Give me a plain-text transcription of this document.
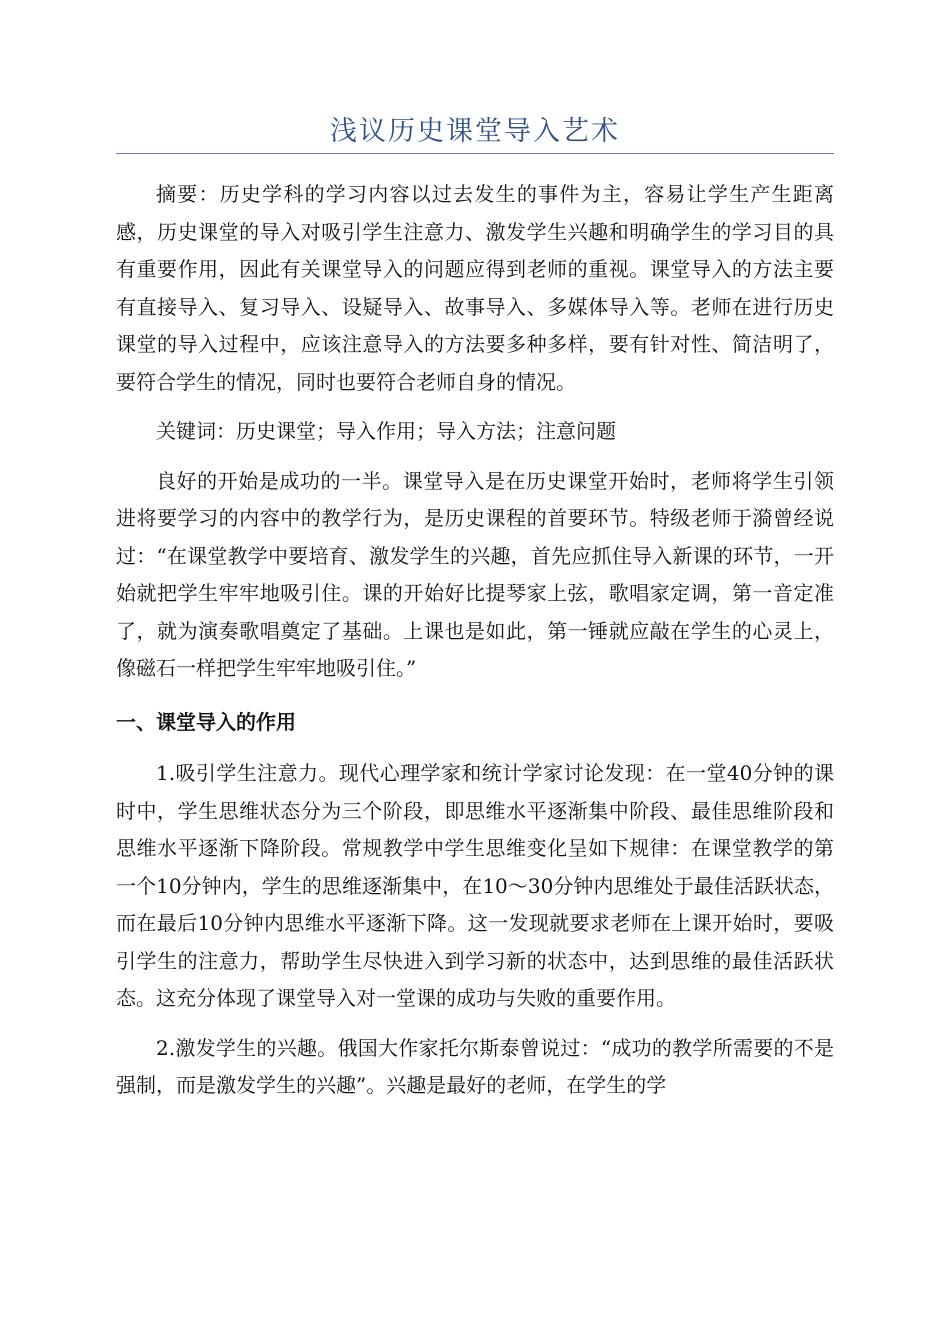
浅议历史课堂导入艺术

摘要：历史学科的学习内容以过去发生的事件为主，容易让学生产生距离感，历史课堂的导入对吸引学生注意力、激发学生兴趣和明确学生的学习目的具有重要作用，因此有关课堂导入的问题应得到老师的重视。课堂导入的方法主要有直接导入、复习导入、设疑导入、故事导入、多媒体导入等。老师在进行历史课堂的导入过程中，应该注意导入的方法要多种多样，要有针对性、简洁明了，要符合学生的情况，同时也要符合老师自身的情况。

关键词：历史课堂；导入作用；导入方法；注意问题

良好的开始是成功的一半。课堂导入是在历史课堂开始时，老师将学生引领进将要学习的内容中的教学行为，是历史课程的首要环节。特级老师于漪曾经说过：“在课堂教学中要培育、激发学生的兴趣，首先应抓住导入新课的环节，一开始就把学生牢牢地吸引住。课的开始好比提琴家上弦，歌唱家定调，第一音定准了，就为演奏歌唱奠定了基础。上课也是如此，第一锤就应敲在学生的心灵上，像磁石一样把学生牢牢地吸引住。”

一、课堂导入的作用

1.吸引学生注意力。现代心理学家和统计学家讨论发现：在一堂40分钟的课时中，学生思维状态分为三个阶段，即思维水平逐渐集中阶段、最佳思维阶段和思维水平逐渐下降阶段。常规教学中学生思维变化呈如下规律：在课堂教学的第一个10分钟内，学生的思维逐渐集中，在10～30分钟内思维处于最佳活跃状态，而在最后10分钟内思维水平逐渐下降。这一发现就要求老师在上课开始时，要吸引学生的注意力，帮助学生尽快进入到学习新的状态中，达到思维的最佳活跃状态。这充分体现了课堂导入对一堂课的成功与失败的重要作用。

2.激发学生的兴趣。俄国大作家托尔斯泰曾说过：“成功的教学所需要的不是强制，而是激发学生的兴趣”。兴趣是最好的老师，在学生的学
